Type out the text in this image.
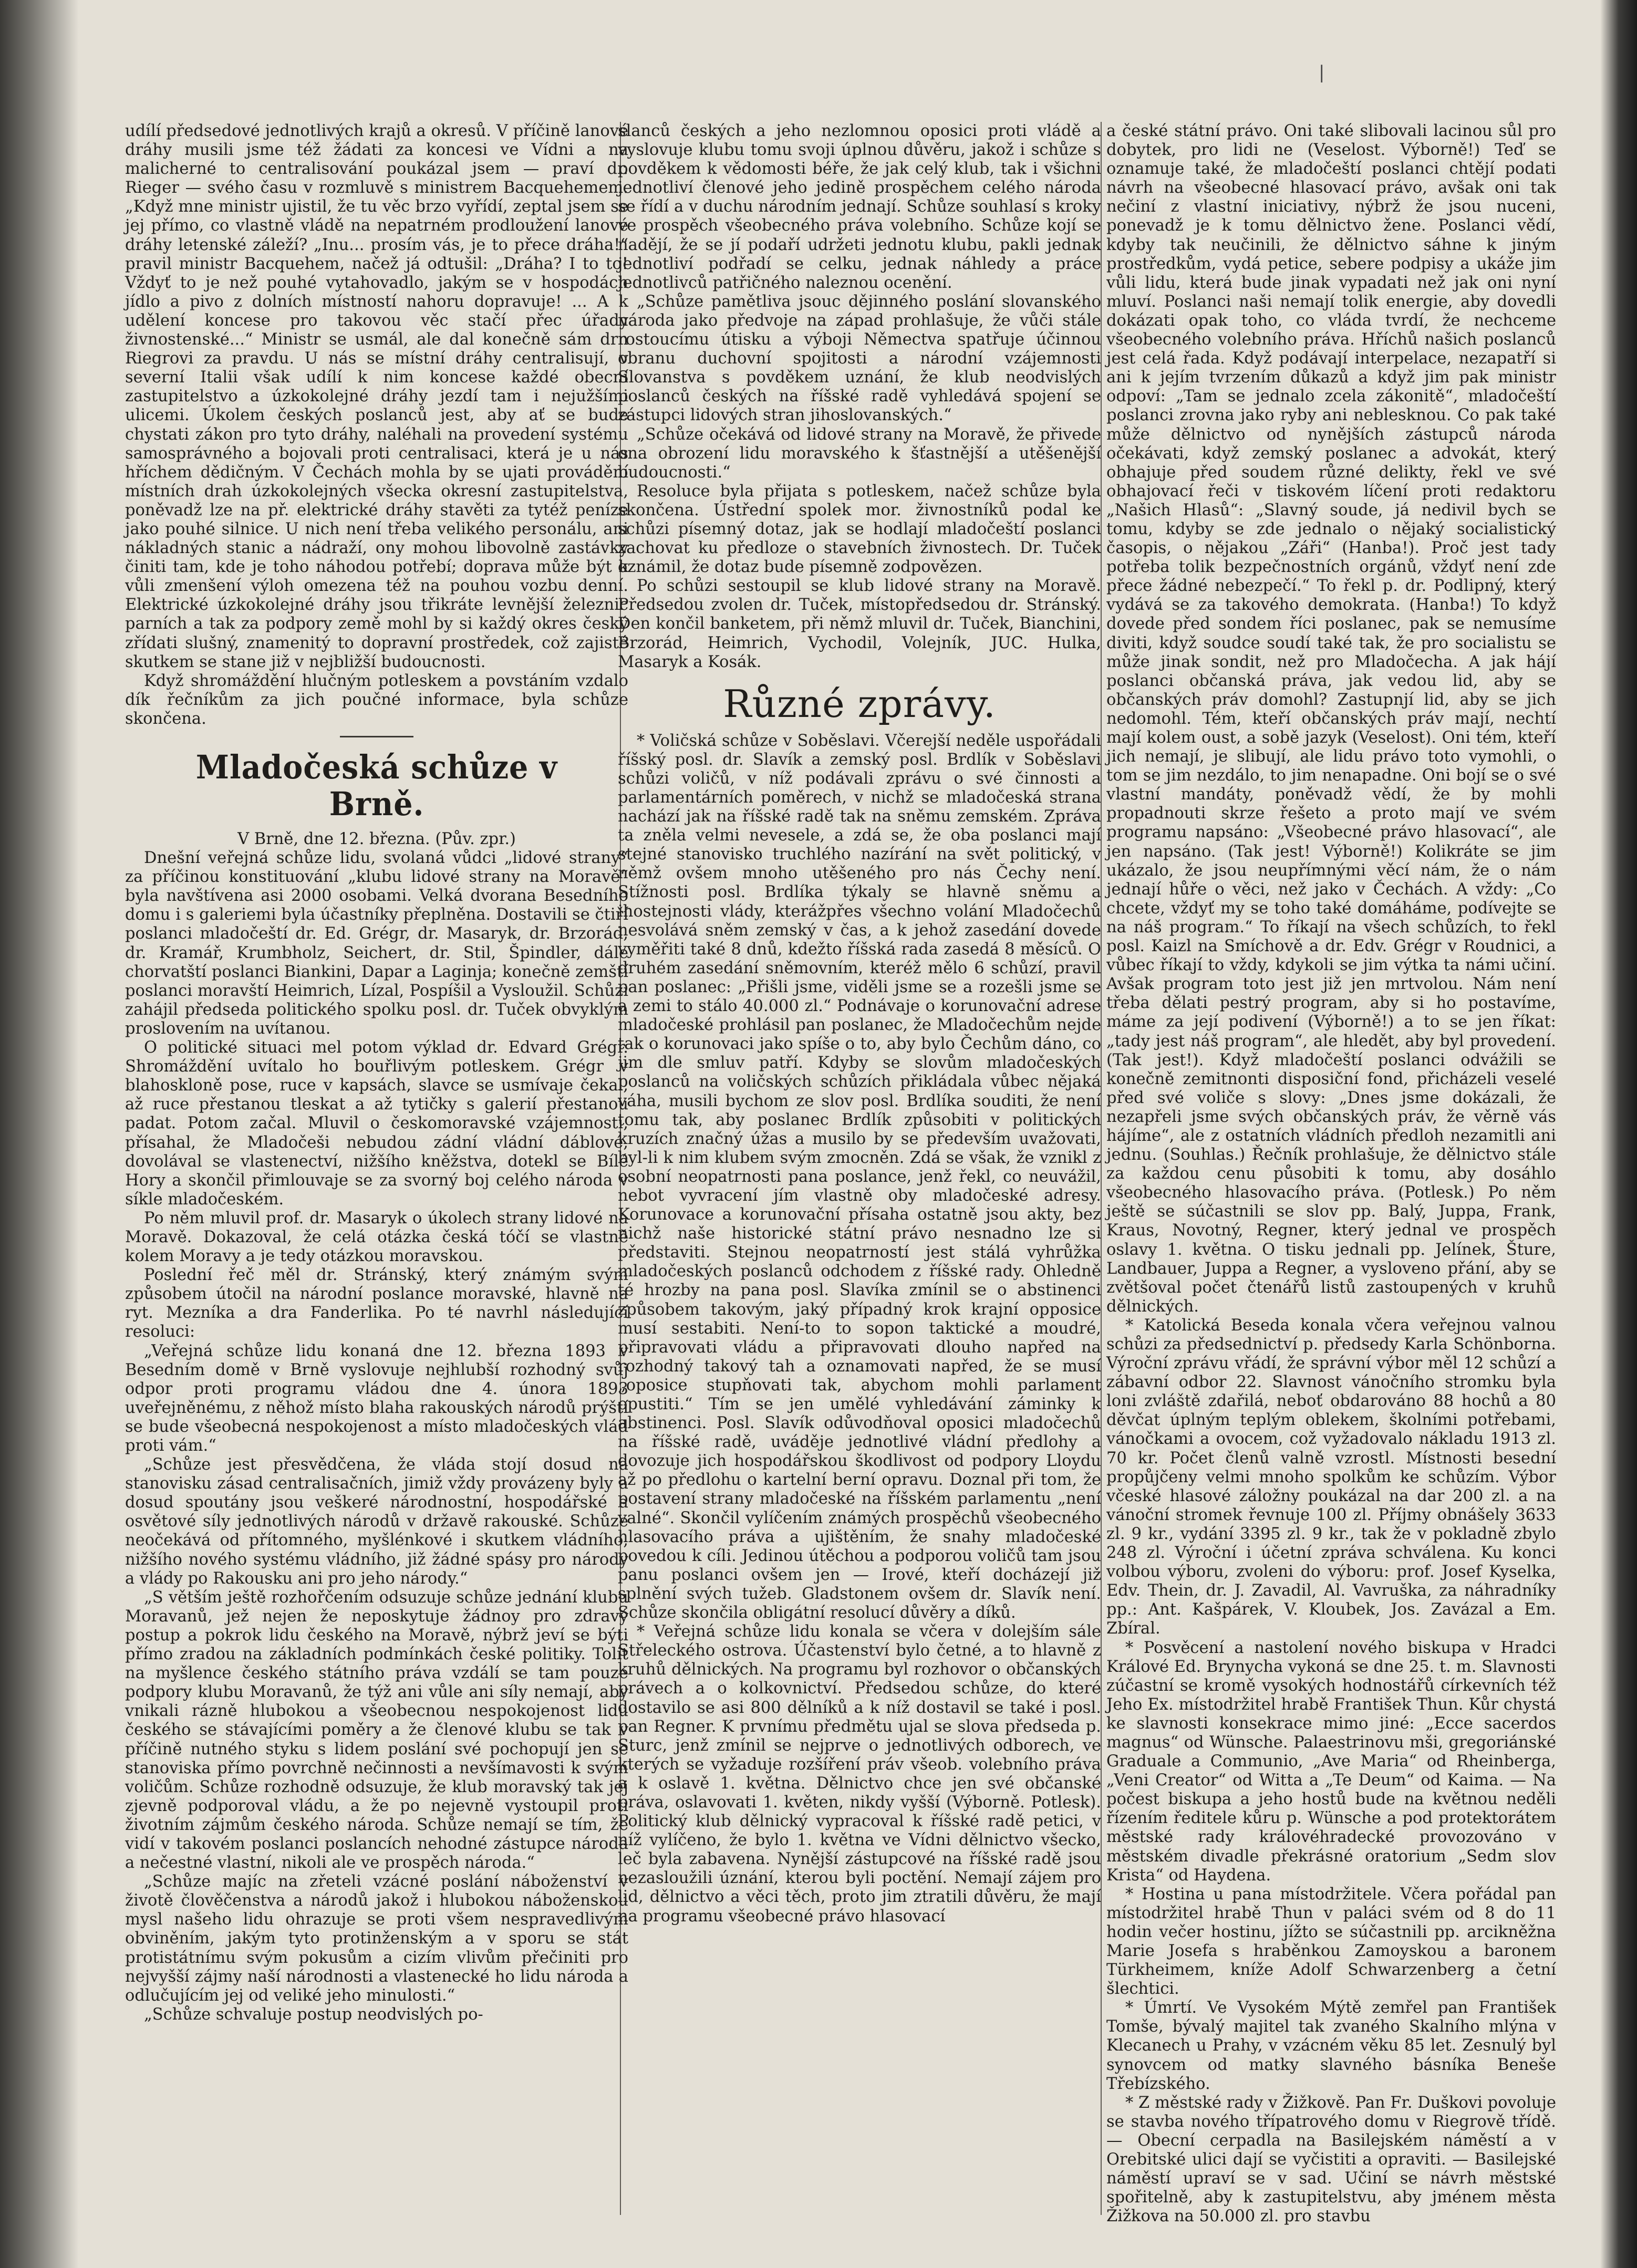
|

udílí předsedové jednotlivých krajů a okresů. V příčině lanové dráhy musili jsme též žádati za koncesi ve Vídni a na malicherné to centralisování poukázal jsem — praví dr. Rieger — svého času v rozmluvě s ministrem Bacquehemem. „Když mne ministr ujistil, že tu věc brzo vyřídí, zeptal jsem se jej přímo, co vlastně vládě na nepatrném prodloužení lanové dráhy letenské záleží? „Inu... prosím vás, je to přece dráha!“ pravil ministr Bacquehem, načež já odtušil: „Dráha? I to to! Vždyť to je než pouhé vytahovadlo, jakým se v hospodách jídlo a pivo z dolních místností nahoru dopravuje! ... A k udělení koncese pro takovou věc stačí přec úřady živnostenské...“ Ministr se usmál, ale dal konečně sám drn Riegrovi za pravdu. U nás se místní dráhy centralisují, v severní Italii však udílí k nim koncese každé obecní zastupitelstvo a úzkokolejné dráhy jezdí tam i nejužšími ulicemi. Úkolem českých poslanců jest, aby ať se bude chystati zákon pro tyto dráhy, naléhali na provedení systému samosprávného a bojovali proti centralisaci, která je u nás hříchem dědičným. V Čechách mohla by se ujati provádění místních drah úzkokolejných všecka okresní zastupitelstva, poněvadž lze na př. elektrické dráhy stavěti za tytéž peníze jako pouhé silnice. U nich není třeba velikého personálu, ani nákladných stanic a nádraží, ony mohou libovolně zastávky činiti tam, kde je toho náhodou potřebí; doprava může být k vůli zmenšení výloh omezena též na pouhou vozbu denní. Elektrické úzkokolejné dráhy jsou třikráte levnější železnic parních a tak za podpory země mohl by si každý okres český zřídati slušný, znamenitý to dopravní prostředek, což zajisté skutkem se stane již v nejbližší budoucnosti.

Když shromáždění hlučným potleskem a povstáním vzdalo dík řečníkům za jich poučné informace, byla schůze skončena.

Mladočeská schůze v Brně.

V Brně, dne 12. března. (Pův. zpr.)

Dnešní veřejná schůze lidu, svolaná vůdci „lidové strany“ za příčinou konstituování „klubu lidové strany na Moravě“ byla navštívena asi 2000 osobami. Velká dvorana Besedního domu i s galeriemi byla účastníky přeplněna. Dostavili se čtiří poslanci mladočeští dr. Ed. Grégr, dr. Masaryk, dr. Brzorád, dr. Kramář, Krumbholz, Seichert, dr. Stil, Špindler, dále chorvatští poslanci Biankini, Dapar a Laginja; konečně zemští poslanci moravští Heimrich, Lízal, Pospíšil a Vysloužil. Schůzi zahájil předseda politického spolku posl. dr. Tuček obvyklým proslovením na uvítanou.

O politické situaci mel potom výklad dr. Edvard Grégr. Shromáždění uvítalo ho bouřlivým potleskem. Grégr v blahoskloně pose, ruce v kapsách, slavce se usmívaje čekal, až ruce přestanou tleskat a až tytičky s galerií přestanou padat. Potom začal. Mluvil o českomoravské vzájemnosti, přísahal, že Mladočeši nebudou zádní vládní dáblové, dovolával se vlastenectví, nižšího kněžstva, dotekl se Bílé Hory a skončil přimlouvaje se za svorný boj celého národa v síkle mladočeském.

Po něm mluvil prof. dr. Masaryk o úkolech strany lidové na Moravě. Dokazoval, že celá otázka česká tóčí se vlastně kolem Moravy a je tedy otázkou moravskou.

Poslední řeč měl dr. Stránský, který známým svým způsobem útočil na národní poslance moravské, hlavně na ryt. Mezníka a dra Fanderlika. Po té navrhl následující resoluci:

„Veřejná schůze lidu konaná dne 12. března 1893 v Besedním domě v Brně vyslovuje nejhlubší rozhodný svůj odpor proti programu vládou dne 4. února 1893 uveřejněnému, z něhož místo blaha rakouských národů prýští se bude všeobecná nespokojenost a místo mladočeských vlád proti vám.“

„Schůze jest přesvědčena, že vláda stojí dosud na stanovisku zásad centralisačních, jimiž vždy provázeny byly a dosud spoutány jsou veškeré národnostní, hospodářské a osvětové síly jednotlivých národů v državě rakouské. Schůze neočekává od přítomného, myšlénkové i skutkem vládního, nižšího nového systému vládního, již žádné spásy pro národy a vlády po Rakousku ani pro jeho národy.“

„S větším ještě rozhořčením odsuzuje schůze jednání klubu Moravanů, jež nejen že neposkytuje žádnoy pro zdravý postup a pokrok lidu českého na Moravě, nýbrž jeví se býti přímo zradou na základních podmínkách české politiky. Tolit na myšlence českého státního práva vzdálí se tam pouze podpory klubu Moravanů, že týž ani vůle ani síly nemají, aby vnikali rázně hlubokou a všeobecnou nespokojenost lidu českého se stávajícími poměry a že členové klubu se tak v příčině nutného styku s lidem poslání své pochopují jen se stanoviska přímo povrchně nečinnosti a nevšímavosti k svým voličům. Schůze rozhodně odsuzuje, že klub moravský tak jej zjevně podporoval vládu, a že po nejevně vystoupil proti životním zájmům českého národa. Schůze nemají se tím, že vidí v takovém poslanci poslancích nehodné zástupce národa a nečestné vlastní, nikoli ale ve prospěch národa.“

„Schůze majíc na zřeteli vzácné poslání náboženství v životě člověčenstva a národů jakož i hlubokou náboženskou mysl našeho lidu ohrazuje se proti všem nespravedlivým obviněním, jakým tyto protinženským a v sporu se stát protistátnímu svým pokusům a cizím vlivům přečiniti pro nejvyšší zájmy naší národnosti a vlastenecké ho lidu národa a odlučujícím jej od veliké jeho minulosti.“

„Schůze schvaluje postup neodvislých po-

slanců českých a jeho nezlomnou oposici proti vládě a vyslovuje klubu tomu svoji úplnou důvěru, jakož i schůze s povděkem k vědomosti béře, že jak celý klub, tak i všichni jednotliví členové jeho jedině prospěchem celého národa se řídí a v duchu národním jednají. Schůze souhlasí s kroky ve prospěch všeobecného práva volebního. Schůze kojí se nadějí, že se jí podaří udržeti jednotu klubu, pakli jednak jednotliví podřadí se celku, jednak náhledy a práce jednotlivců patřičného naleznou ocenění.

„Schůze pamětliva jsouc dějinného poslání slovanského národa jako předvoje na západ prohlašuje, že vůči stále rostoucímu útisku a výboji Němectva spatřuje účinnou obranu duchovní spojitosti a národní vzájemnosti Slovanstva s povděkem uznání, že klub neodvislých poslanců českých na říšské radě vyhledává spojení se zástupci lidových stran jihoslovanských.“

„Schůze očekává od lidové strany na Moravě, že přivede ona obrození lidu moravského k šťastnější a utěšenější budoucnosti.“

Resoluce byla přijata s potleskem, načež schůze byla skončena. Ústřední spolek mor. živnostníků podal ke schůzi písemný dotaz, jak se hodlají mladočeští poslanci zachovat ku předloze o stavebních živnostech. Dr. Tuček oznámil, že dotaz bude písemně zodpovězen.

Po schůzi sestoupil se klub lidové strany na Moravě. Předsedou zvolen dr. Tuček, místopředsedou dr. Stránský. Den končil banketem, při němž mluvil dr. Tuček, Bianchini, Brzorád, Heimrich, Vychodil, Volejník, JUC. Hulka, Masaryk a Kosák.

Různé zprávy.

* Voličská schůze v Soběslavi. Včerejší neděle uspořádali říšský posl. dr. Slavík a zemský posl. Brdlík v Soběslavi schůzi voličů, v níž podávali zprávu o své činnosti a parlamentárních poměrech, v nichž se mladočeská strana nachází jak na říšské radě tak na sněmu zemském. Zpráva ta zněla velmi nevesele, a zdá se, že oba poslanci mají stejné stanovisko truchlého nazírání na svět politický, v němž ovšem mnoho utěšeného pro nás Čechy není. Stížnosti posl. Brdlíka týkaly se hlavně sněmu a ihostejnosti vlády, kterážpřes všechno volání Mladočechů nesvolává sněm zemský v čas, a k jehož zasedání dovede vyměřiti také 8 dnů, kdežto říšská rada zasedá 8 měsíců. O druhém zasedání sněmovním, kteréž mělo 6 schůzí, pravil pan poslanec: „Přišli jsme, viděli jsme se a rozešli jsme se a zemi to stálo 40.000 zl.“ Podnávaje o korunovační adrese mladočeské prohlásil pan poslanec, že Mladočechům nejde tak o korunovaci jako spíše o to, aby bylo Čechům dáno, co jim dle smluv patří. Kdyby se slovům mladočeských poslanců na voličských schůzích přikládala vůbec nějaká váha, musili bychom ze slov posl. Brdlíka souditi, že není tomu tak, aby poslanec Brdlík způsobiti v politických kruzích značný úžas a musilo by se především uvažovati, byl-li k nim klubem svým zmocněn. Zdá se však, že vznikl z osobní neopatrnosti pana poslance, jenž řekl, co neuvážil, nebot vyvracení jím vlastně oby mladočeské adresy. Korunovace a korunovační přísaha ostatně jsou akty, bez nichž naše historické státní právo nesnadno lze si představiti. Stejnou neopatrností jest stálá vyhrůžka mladočeských poslanců odchodem z říšské rady. Ohledně té hrozby na pana posl. Slavíka zmínil se o abstinenci způsobem takovým, jaký případný krok krajní opposice musí sestabiti. Není-to to sopon taktické a moudré, připravovati vládu a připravovati dlouho napřed na rozhodný takový tah a oznamovati napřed, že se musí „oposice stupňovati tak, abychom mohli parlament opustiti.“ Tím se jen umělé vyhledávání záminky k abstinenci. Posl. Slavík odůvodňoval oposici mladočechů na říšské radě, uváděje jednotlivé vládní předlohy a dovozuje jich hospodářskou škodlivost od podpory Lloydu až po předlohu o kartelní berní opravu. Doznal při tom, že postavení strany mladočeské na říšském parlamentu „není valné“. Skončil vylíčením známých prospěchů všeobecného hlasovacího práva a ujištěním, že snahy mladočeské povedou k cíli. Jedinou útěchou a podporou voličů tam jsou panu poslanci ovšem jen — Irové, kteří docházejí již splnění svých tužeb. Gladstonem ovšem dr. Slavík není. Schůze skončila obligátní resolucí důvěry a díků.

* Veřejná schůze lidu konala se včera v dolejším sále Střeleckého ostrova. Účastenství bylo četné, a to hlavně z kruhů dělnických. Na programu byl rozhovor o občanských právech a o kolkovnictví. Předsedou schůze, do které dostavilo se asi 800 dělníků a k níž dostavil se také i posl. pan Regner. K prvnímu předmětu ujal se slova předseda p. Sturc, jenž zmínil se nejprve o jednotlivých odborech, ve kterých se vyžaduje rozšíření práv všeob. volebního práva a k oslavě 1. května. Dělnictvo chce jen své občanské práva, oslavovati 1. květen, nikdy vyšší (Výborně. Potlesk). Politický klub dělnický vypracoval k říšské radě petici, v níž vylíčeno, že bylo 1. května ve Vídni dělnictvo všecko, leč byla zabavena. Nynější zástupcové na říšské radě jsou nezasloužili úznání, kterou byli poctění. Nemají zájem pro lid, dělnictvo a věci těch, proto jim ztratili důvěru, že mají na programu všeobecné právo hlasovací

a české státní právo. Oni také slibovali lacinou sůl pro dobytek, pro lidi ne (Veselost. Výborně!) Teď se oznamuje také, že mladočeští poslanci chtějí podati návrh na všeobecné hlasovací právo, avšak oni tak nečiní z vlastní iniciativy, nýbrž že jsou nuceni, ponevadž je k tomu dělnictvo žene. Poslanci vědí, kdyby tak neučinili, že dělnictvo sáhne k jiným prostředkům, vydá petice, sebere podpisy a ukáže jim vůli lidu, která bude jinak vypadati než jak oni nyní mluví. Poslanci naši nemají tolik energie, aby dovedli dokázati opak toho, co vláda tvrdí, že nechceme všeobecného volebního práva. Hříchů našich poslanců jest celá řada. Když podávají interpelace, nezapatří si ani k jejím tvrzením důkazů a když jim pak ministr odpoví: „Tam se jednalo zcela zákonitě“, mladočeští poslanci zrovna jako ryby ani neblesknou. Co pak také může dělnictvo od nynějších zástupců národa očekávati, když zemský poslanec a advokát, který obhajuje před soudem různé delikty, řekl ve své obhajovací řeči v tiskovém líčení proti redaktoru „Našich Hlasů“: „Slavný soude, já nedivil bych se tomu, kdyby se zde jednalo o nějaký socialistický časopis, o nějakou „Záři“ (Hanba!). Proč jest tady potřeba tolik bezpečnostních orgánů, vždyť není zde přece žádné nebezpečí.“ To řekl p. dr. Podlipný, který vydává se za takového demokrata. (Hanba!) To když dovede před sondem říci poslanec, pak se nemusíme diviti, když soudce soudí také tak, že pro socialistu se může jinak sondit, než pro Mladočecha. A jak hájí poslanci občanská práva, jak vedou lid, aby se občanských práv domohl? Zastupnjí lid, aby se jich nedomohl. Tém, kteří občanských práv mají, nechtí mají kolem oust, a sobě jazyk (Veselost). Oni tém, kteří jich nemají, je slibují, ale lidu právo toto vymohli, o tom se jim nezdálo, to jim nenapadne. Oni bojí se o své vlastní mandáty, poněvadž vědí, že by mohli propadnouti skrze řešeto a proto mají ve svém programu napsáno: „Všeobecné právo hlasovací“, ale jen napsáno. (Tak jest! Výborně!) Kolikráte se jim ukázalo, že jsou neupřímnými věcí nám, že o nám jednají hůře o věci, než jako v Čechách. A vždy: „Co chcete, vždyť my se toho také domáháme, podívejte se na náš program.“ To říkají na všech schůzích, to řekl posl. Kaizl na Smíchově a dr. Edv. Grégr v Roudnici, a vůbec říkají to vždy, kdykoli se jim výtka ta námi učiní. Avšak program toto jest již jen mrtvolou. Nám není třeba dělati pestrý program, aby si ho postavíme, máme za její podivení (Výborně!) a to se jen říkat: „tady jest náš program“, ale hledět, aby byl provedení. (Tak jest!). Když mladočeští poslanci odvážili se konečně zemitnonti disposiční fond, přicházeli veselé před své voliče s slovy: „Dnes jsme dokázali, že nezapřeli jsme svých občanských práv, že věrně vás hájíme“, ale z ostatních vládních předloh nezamitli ani jednu. (Souhlas.) Řečník prohlašuje, že dělnictvo stále za každou cenu působiti k tomu, aby dosáhlo všeobecného hlasovacího práva. (Potlesk.) Po něm ještě se súčastnili se slov pp. Balý, Juppa, Frank, Kraus, Novotný, Regner, který jednal ve prospěch oslavy 1. května. O tisku jednali pp. Jelínek, Šture, Landbauer, Juppa a Regner, a vysloveno přání, aby se zvětšoval počet čtenářů listů zastoupených v kruhů dělnických.

* Katolická Beseda konala včera veřejnou valnou schůzi za předsednictví p. předsedy Karla Schönborna. Výroční zprávu vřádí, že správní výbor měl 12 schůzí a zábavní odbor 22. Slavnost vánočního stromku byla loni zvláště zdařilá, neboť obdarováno 88 hochů a 80 děvčat úplným teplým oblekem, školními potřebami, vánočkami a ovocem, což vyžadovalo nákladu 1913 zl. 70 kr. Počet členů valně vzrostl. Místnosti besední propůjčeny velmi mnoho spolkům ke schůzím. Výbor včeské hlasové záložny poukázal na dar 200 zl. a na vánoční stromek řevnuje 100 zl. Příjmy obnášely 3633 zl. 9 kr., vydání 3395 zl. 9 kr., tak že v pokladně zbylo 248 zl. Výroční i účetní zpráva schválena. Ku konci volbou výboru, zvoleni do výboru: prof. Josef Kyselka, Edv. Thein, dr. J. Zavadil, Al. Vavruška, za náhradníky pp.: Ant. Kašpárek, V. Kloubek, Jos. Zavázal a Em. Zbíral.

* Posvěcení a nastolení nového biskupa v Hradci Králové Ed. Brynycha vykoná se dne 25. t. m. Slavnosti zúčastní se kromě vysokých hodnostářů církevních též Jeho Ex. místodržitel hrabě František Thun. Kůr chystá ke slavnosti konsekrace mimo jiné: „Ecce sacerdos magnus“ od Wünsche. Palaestrinovu mši, gregoriánské Graduale a Communio, „Ave Maria“ od Rheinberga, „Veni Creator“ od Witta a „Te Deum“ od Kaima. — Na počest biskupa a jeho hostů bude na květnou neděli řízením ředitele kůru p. Wünsche a pod protektorátem městské rady královéhradecké provozováno v městském divadle překrásné oratorium „Sedm slov Krista“ od Haydena.

* Hostina u pana místodržitele. Včera pořádal pan místodržitel hrabě Thun v paláci svém od 8 do 11 hodin večer hostinu, jížto se súčastnili pp. arcikněžna Marie Josefa s hraběnkou Zamoyskou a baronem Türkheimem, kníže Adolf Schwarzenberg a četní šlechtici.

* Úmrtí. Ve Vysokém Mýtě zemřel pan František Tomše, bývalý majitel tak zvaného Skalního mlýna v Klecanech u Prahy, v vzácném věku 85 let. Zesnulý byl synovcem od matky slavného básníka Beneše Třebízského.

* Z městské rady v Žižkově. Pan Fr. Duškovi povoluje se stavba nového třípatrového domu v Riegrově třídě. — Obecní cerpadla na Basilejském náměstí a v Orebitské ulici dají se vyčistiti a opraviti. — Basilejské náměstí upraví se v sad. Učiní se návrh městské spořitelně, aby k zastupitelstvu, aby jménem města Žižkova na 50.000 zl. pro stavbu
